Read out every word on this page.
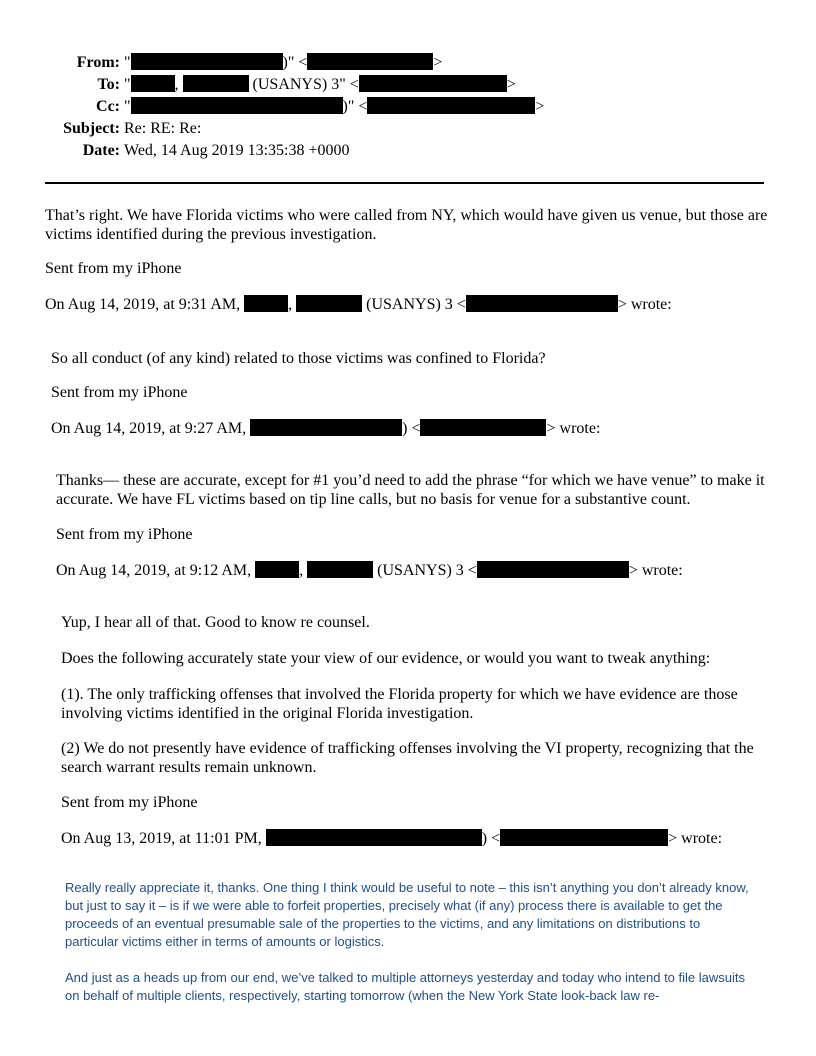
From: "	)" <	>
To: "	,	(USANYS) 3" <	>
Cc: "	)" <	>
Subject: Re: RE: Re:
Date: Wed, 14 Aug 2019 13:35:38 +0000
That’s right. We have Florida victims who were called from NY, which would have given us venue, but those are victims identified during the previous investigation.
Sent from my iPhone
On Aug 14, 2019, at 9:31 AM,	,	(USANYS) 3 <	> wrote:
So all conduct (of any kind) related to those victims was confined to Florida?
Sent from my iPhone
On Aug 14, 2019, at 9:27 AM,	) <	> wrote:
Thanks— these are accurate, except for #1 you’d need to add the phrase “for which we have venue” to make it accurate. We have FL victims based on tip line calls, but no basis for venue for a substantive count.
Sent from my iPhone
On Aug 14, 2019, at 9:12 AM,	,	(USANYS) 3 <	> wrote:
Yup, I hear all of that. Good to know re counsel.
Does the following accurately state your view of our evidence, or would you want to tweak anything:
(1). The only trafficking offenses that involved the Florida property for which we have evidence are those involving victims identified in the original Florida investigation.
(2) We do not presently have evidence of trafficking offenses involving the VI property, recognizing that the search warrant results remain unknown.
Sent from my iPhone
On Aug 13, 2019, at 11:01 PM,	) <	> wrote:
Really really appreciate it, thanks. One thing I think would be useful to note – this isn’t anything you don’t already know, but just to say it – is if we were able to forfeit properties, precisely what (if any) process there is available to get the proceeds of an eventual presumable sale of the properties to the victims, and any limitations on distributions to particular victims either in terms of amounts or logistics.
And just as a heads up from our end, we’ve talked to multiple attorneys yesterday and today who intend to file lawsuits on behalf of multiple clients, respectively, starting tomorrow (when the New York State look-back law re-
